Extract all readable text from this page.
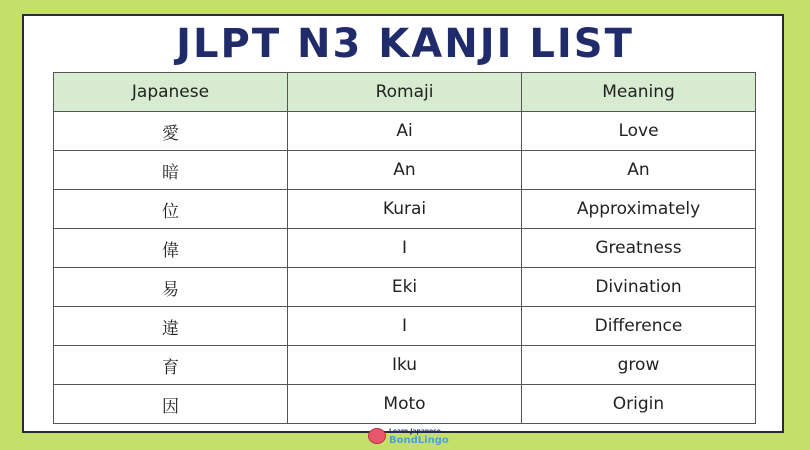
JLPT N3 KANJI LIST
Japanese	Romaji	Meaning
愛	Ai	Love
暗	An	An
位	Kurai	Approximately
偉	I	Greatness
易	Eki	Divination
違	I	Difference
育	Iku	grow
因	Moto	Origin
Learn Japanese
BondLingo
